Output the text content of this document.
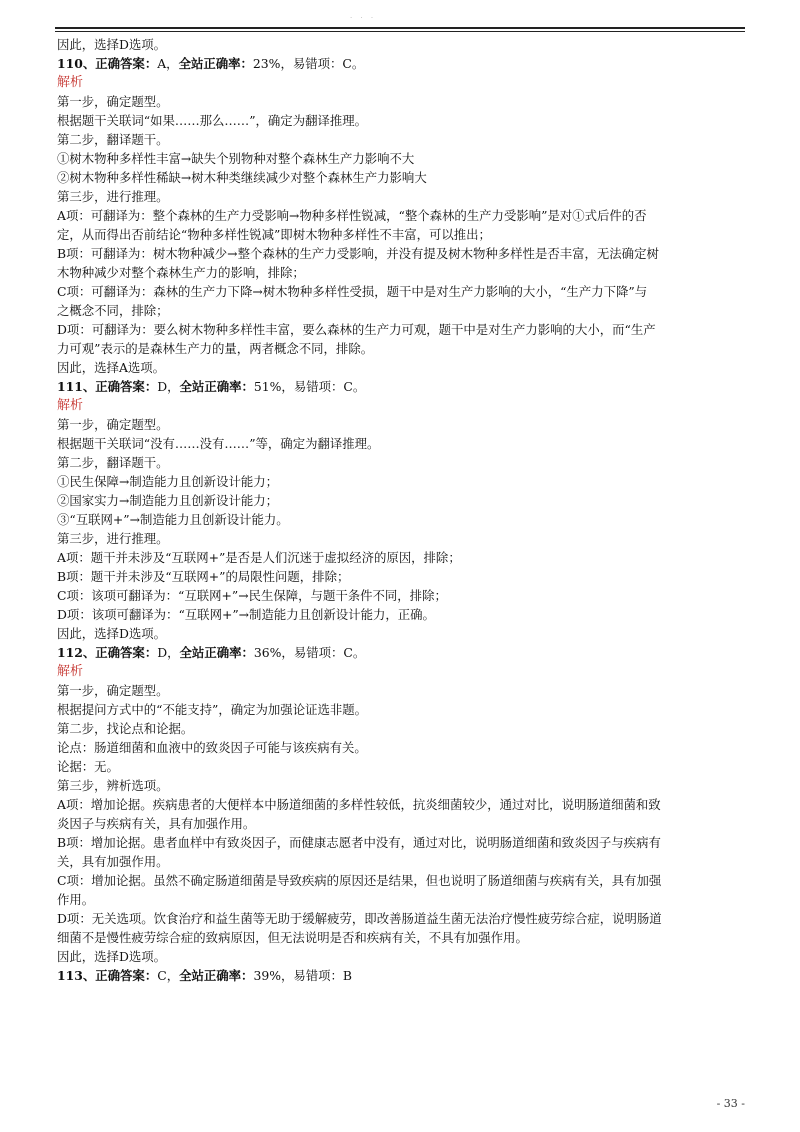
· · ·
因此，选择D选项。
110、正确答案：A，全站正确率：23%，易错项：C。
解析
第一步，确定题型。
根据题干关联词“如果……那么……”，确定为翻译推理。
第二步，翻译题干。
①树木物种多样性丰富→缺失个别物种对整个森林生产力影响不大
②树木物种多样性稀缺→树木种类继续减少对整个森林生产力影响大
第三步，进行推理。
A项：可翻译为：整个森林的生产力受影响→物种多样性锐减，“整个森林的生产力受影响”是对①式后件的否
定，从而得出否前结论“物种多样性锐减”即树木物种多样性不丰富，可以推出；
B项：可翻译为：树木物种减少→整个森林的生产力受影响，并没有提及树木物种多样性是否丰富，无法确定树
木物种减少对整个森林生产力的影响，排除；
C项：可翻译为：森林的生产力下降→树木物种多样性受损，题干中是对生产力影响的大小，“生产力下降”与
之概念不同，排除；
D项：可翻译为：要么树木物种多样性丰富，要么森林的生产力可观，题干中是对生产力影响的大小，而“生产
力可观”表示的是森林生产力的量，两者概念不同，排除。
因此，选择A选项。
111、正确答案：D，全站正确率：51%，易错项：C。
解析
第一步，确定题型。
根据题干关联词“没有……没有……”等，确定为翻译推理。
第二步，翻译题干。
①民生保障→制造能力且创新设计能力；
②国家实力→制造能力且创新设计能力；
③“互联网+”→制造能力且创新设计能力。
第三步，进行推理。
A项：题干并未涉及“互联网+”是否是人们沉迷于虚拟经济的原因，排除；
B项：题干并未涉及“互联网+”的局限性问题，排除；
C项：该项可翻译为：“互联网+”→民生保障，与题干条件不同，排除；
D项：该项可翻译为：“互联网+”→制造能力且创新设计能力，正确。
因此，选择D选项。
112、正确答案：D，全站正确率：36%，易错项：C。
解析
第一步，确定题型。
根据提问方式中的“不能支持”，确定为加强论证选非题。
第二步，找论点和论据。
论点：肠道细菌和血液中的致炎因子可能与该疾病有关。
论据：无。
第三步，辨析选项。
A项：增加论据。疾病患者的大便样本中肠道细菌的多样性较低，抗炎细菌较少，通过对比，说明肠道细菌和致
炎因子与疾病有关，具有加强作用。
B项：增加论据。患者血样中有致炎因子，而健康志愿者中没有，通过对比，说明肠道细菌和致炎因子与疾病有
关，具有加强作用。
C项：增加论据。虽然不确定肠道细菌是导致疾病的原因还是结果，但也说明了肠道细菌与疾病有关，具有加强
作用。
D项：无关选项。饮食治疗和益生菌等无助于缓解疲劳，即改善肠道益生菌无法治疗慢性疲劳综合症，说明肠道
细菌不是慢性疲劳综合症的致病原因，但无法说明是否和疾病有关，不具有加强作用。
因此，选择D选项。
113、正确答案：C，全站正确率：39%，易错项：B
- 33 -
